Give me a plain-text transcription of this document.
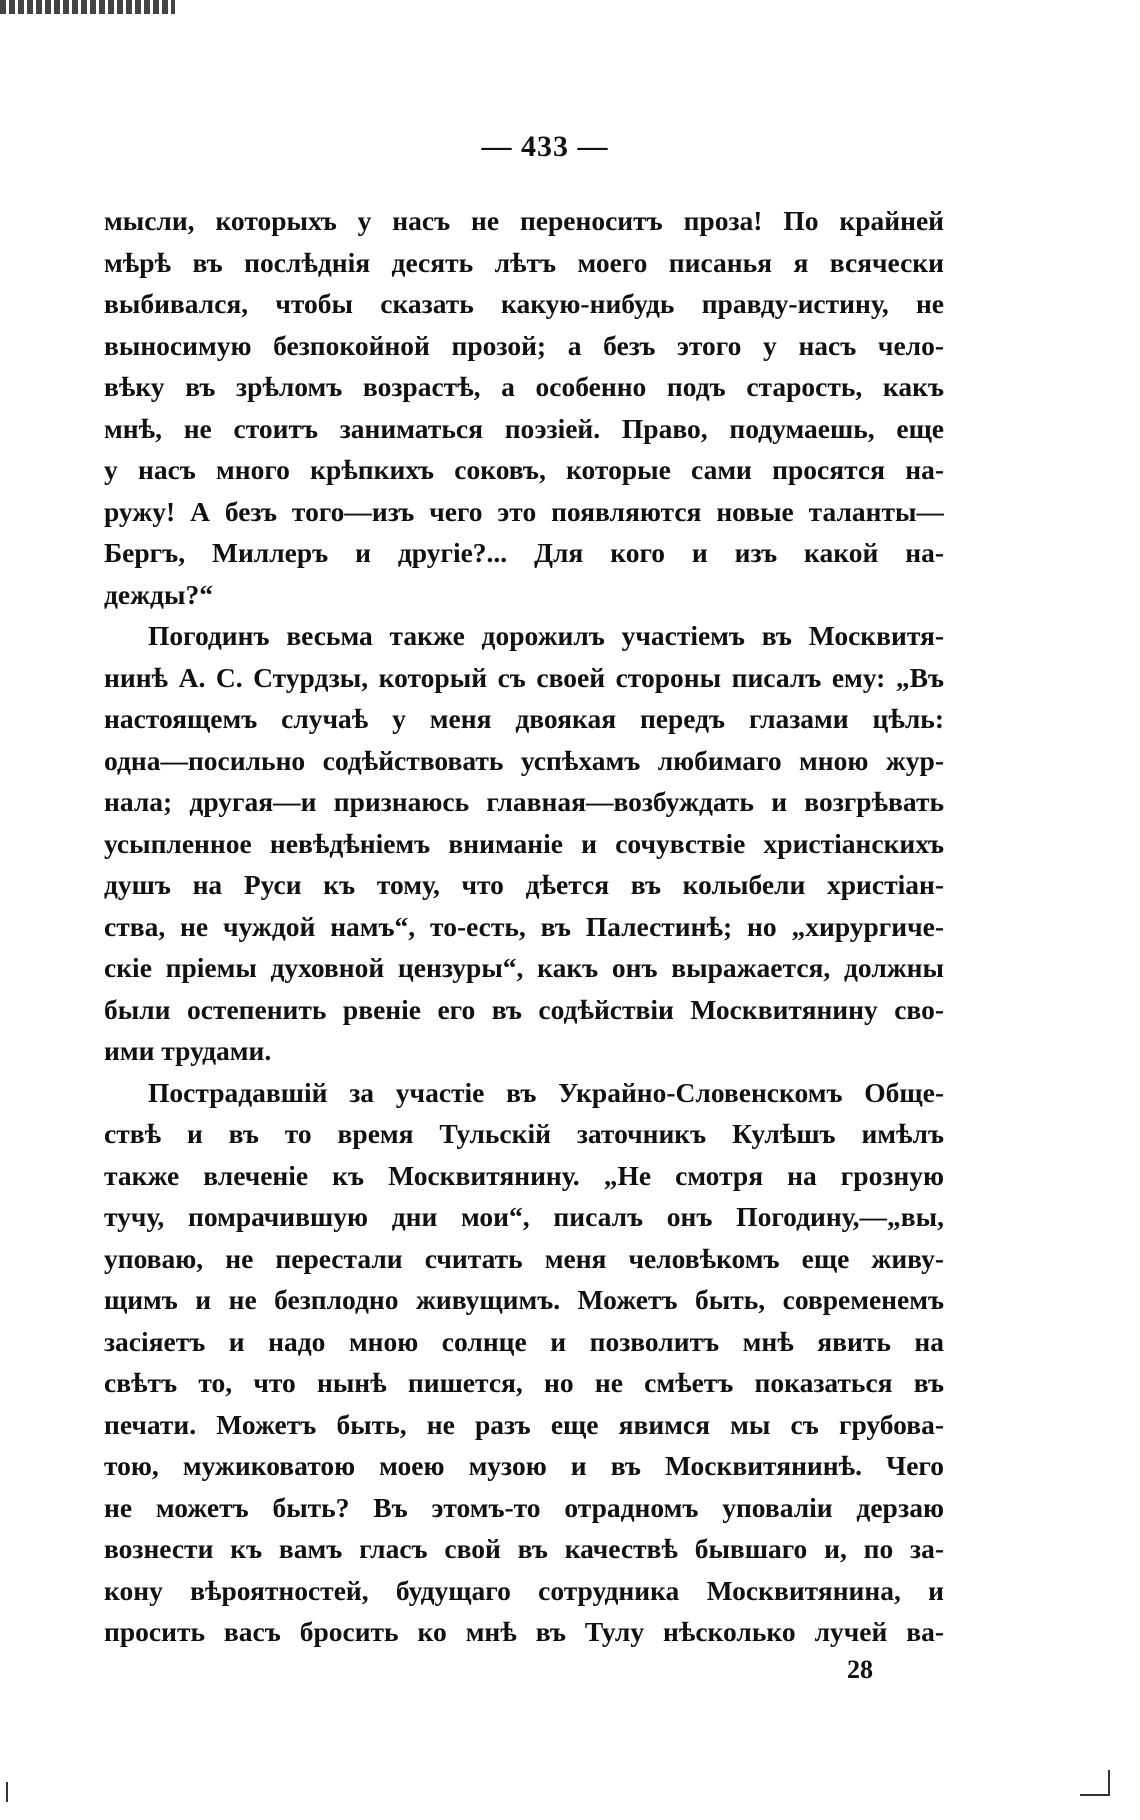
— 433 —
мысли, которыхъ у насъ не переноситъ проза! По крайней
мѣрѣ въ послѣднія десять лѣтъ моего писанья я всячески
выбивался, чтобы сказать какую-нибудь правду-истину, не
выносимую безпокойной прозой; а безъ этого у насъ чело-
вѣку въ зрѣломъ возрастѣ, а особенно подъ старость, какъ
мнѣ, не стоитъ заниматься поэзіей. Право, подумаешь, еще
у насъ много крѣпкихъ соковъ, которые сами просятся на-
ружу! А безъ того—изъ чего это появляются новые таланты—
Бергъ, Миллеръ и другіе?... Для кого и изъ какой на-
дежды?“
Погодинъ весьма также дорожилъ участіемъ въ Москвитя-
нинѣ А. С. Стурдзы, который съ своей стороны писалъ ему: „Въ
настоящемъ случаѣ у меня двоякая передъ глазами цѣль:
одна—посильно содѣйствовать успѣхамъ любимаго мною жур-
нала; другая—и признаюсь главная—возбуждать и возгрѣвать
усыпленное невѣдѣніемъ вниманіе и сочувствіе христіанскихъ
душъ на Руси къ тому, что дѣется въ колыбели христіан-
ства, не чуждой намъ“, то-есть, въ Палестинѣ; но „хирургиче-
скіе пріемы духовной цензуры“, какъ онъ выражается, должны
были остепенить рвеніе его въ содѣйствіи Москвитянину сво-
ими трудами.
Пострадавшій за участіе въ Украйно-Словенскомъ Обще-
ствѣ и въ то время Тульскій заточникъ Кулѣшъ имѣлъ
также влеченіе къ Москвитянину. „Не смотря на грозную
тучу, помрачившую дни мои“, писалъ онъ Погодину,—„вы,
уповаю, не перестали считать меня человѣкомъ еще живу-
щимъ и не безплодно живущимъ. Можетъ быть, современемъ
засіяетъ и надо мною солнце и позволитъ мнѣ явить на
свѣтъ то, что нынѣ пишется, но не смѣетъ показаться въ
печати. Можетъ быть, не разъ еще явимся мы съ грубова-
тою, мужиковатою моею музою и въ Москвитянинѣ. Чего
не можетъ быть? Въ этомъ-то отрадномъ уповаліи дерзаю
вознести къ вамъ гласъ свой въ качествѣ бывшаго и, по за-
кону вѣроятностей, будущаго сотрудника Москвитянина, и
просить васъ бросить ко мнѣ въ Тулу нѣсколько лучей ва-
28
